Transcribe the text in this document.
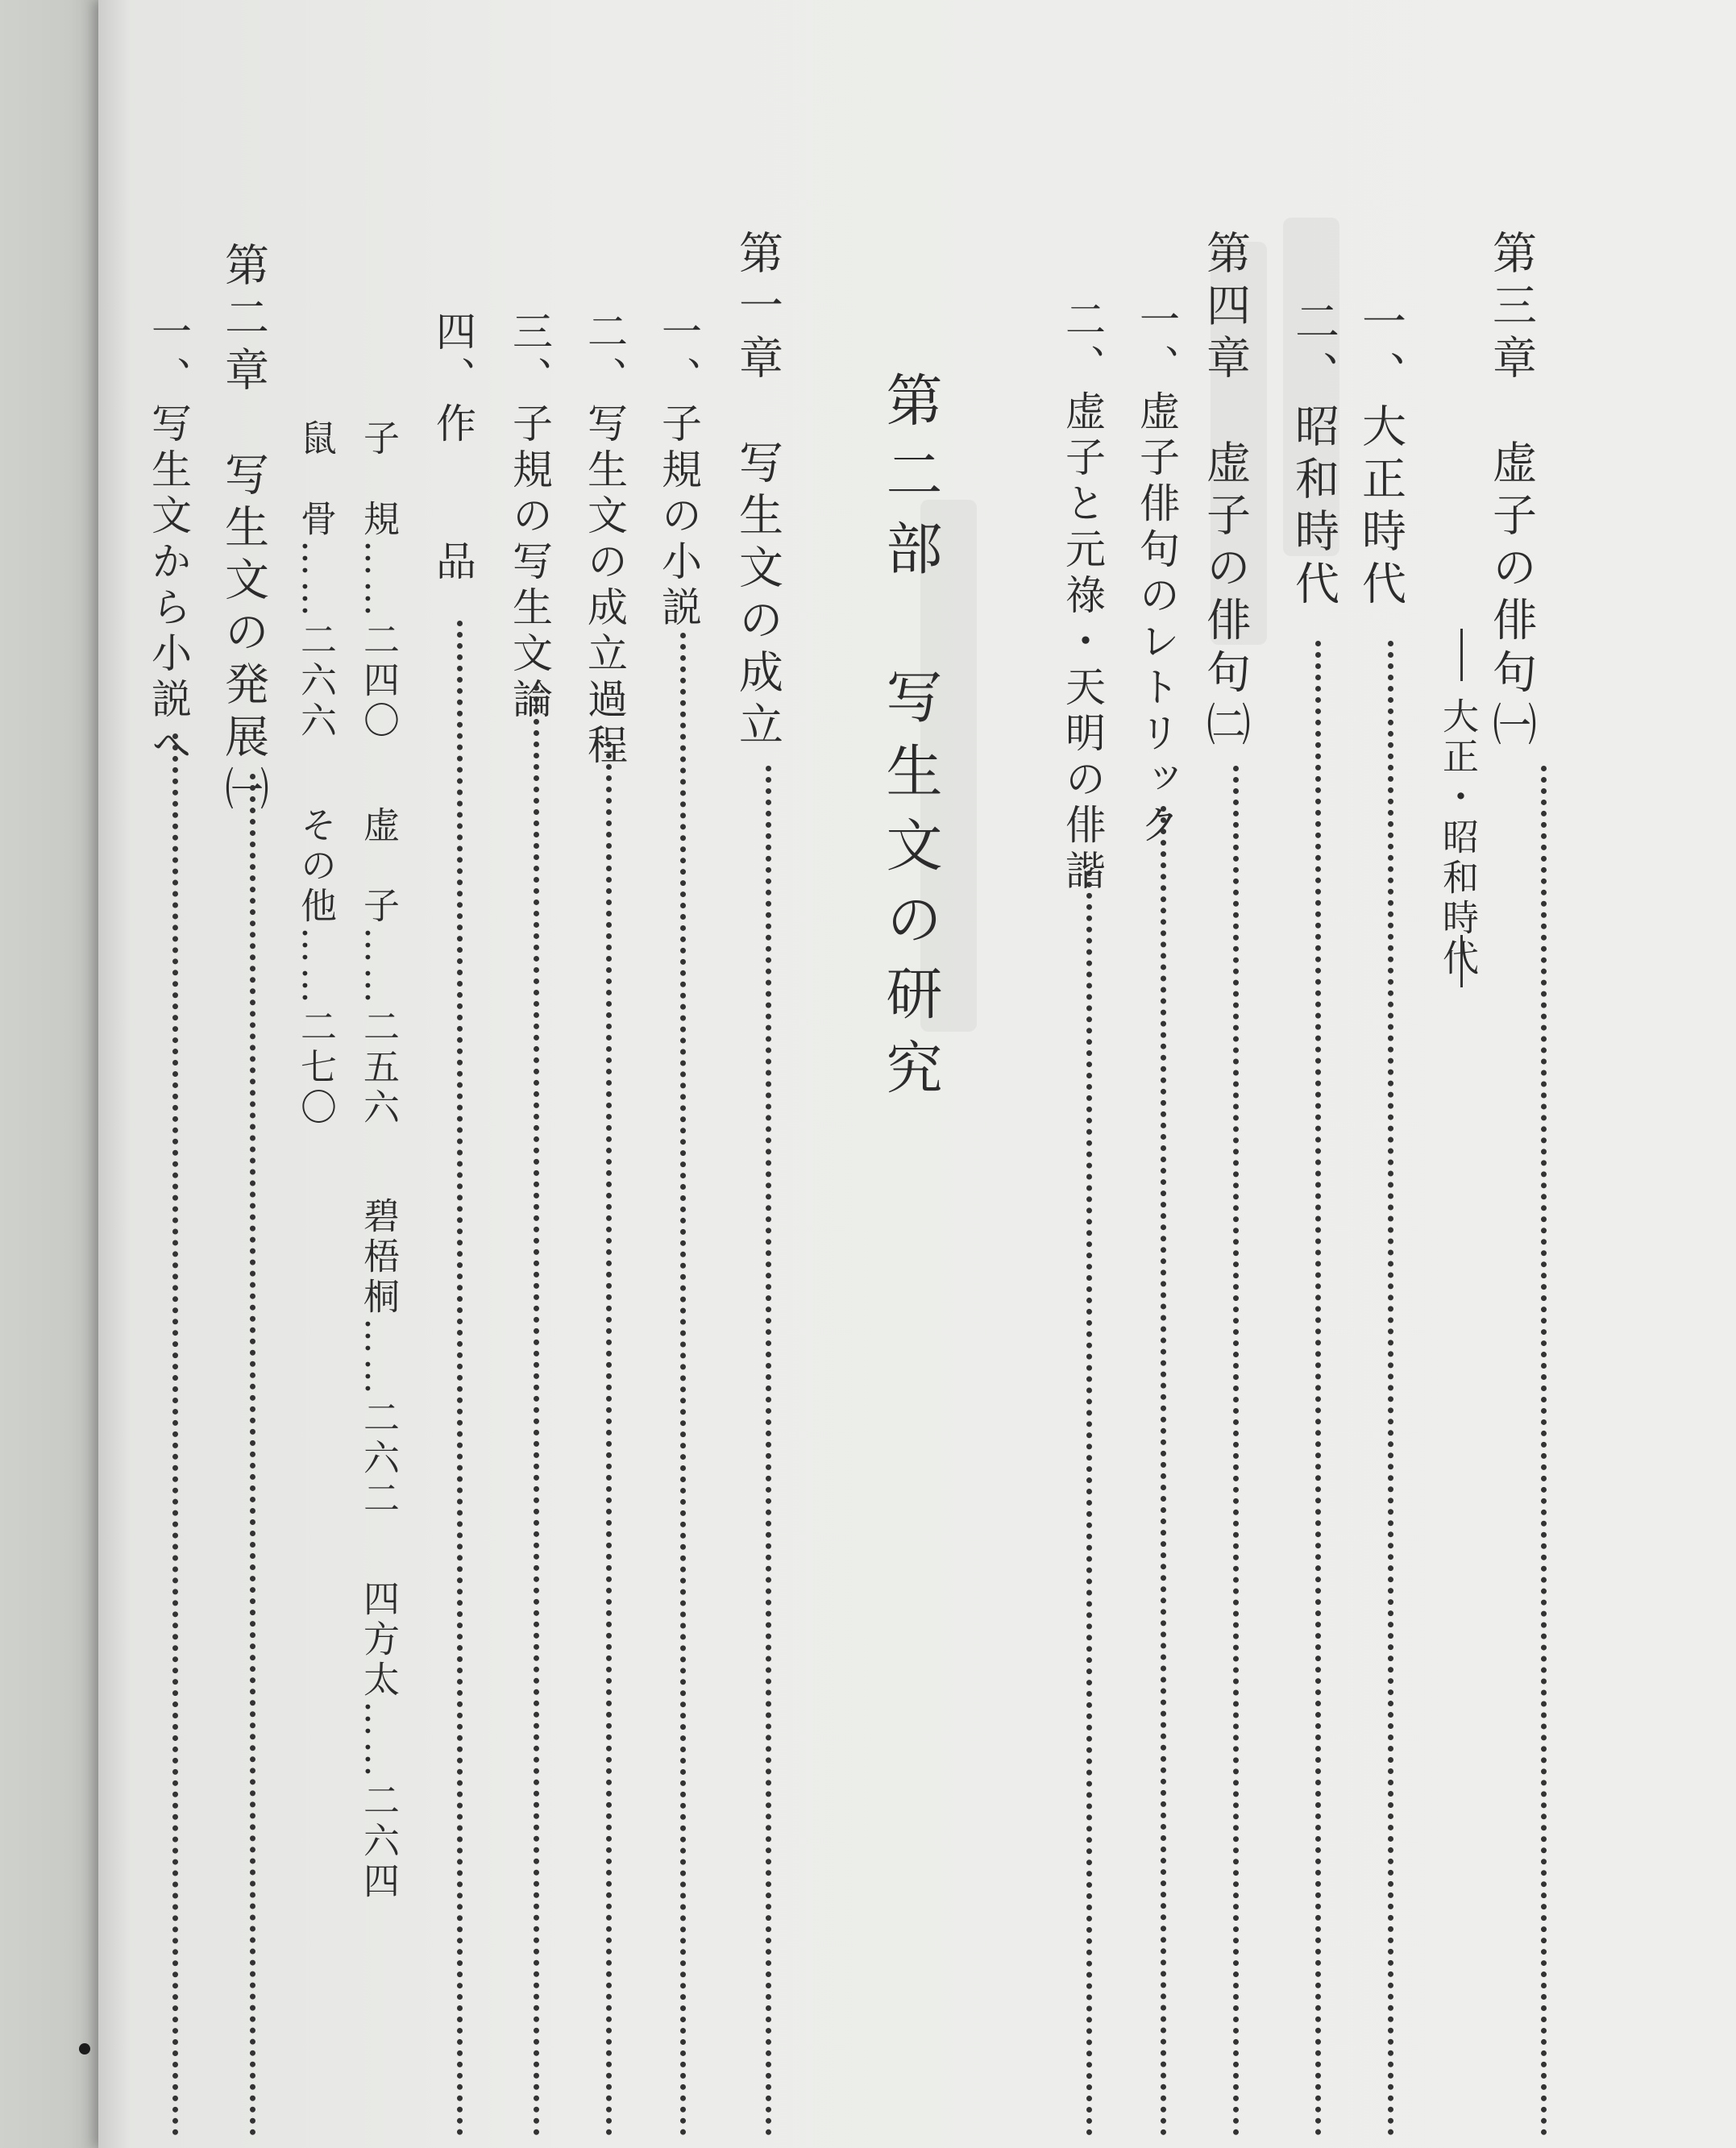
第三章　虚子の俳句㈠
大正・昭和時代
一、大正時代
二、昭和時代
第四章　虚子の俳句㈡
一、虚子俳句のレトリック
二、虚子と元祿・天明の俳諧
第二部　写生文の研究
第一章　写生文の成立
一、子規の小説
二、写生文の成立過程
三、子規の写生文論
四、作　　品
子　規……二四〇
虚　子……二五六
碧梧桐……二六二
四方太……二六四
鼠　骨……二六六
その他……二七〇
第二章　写生文の発展㈠
一、写生文から小説へ
